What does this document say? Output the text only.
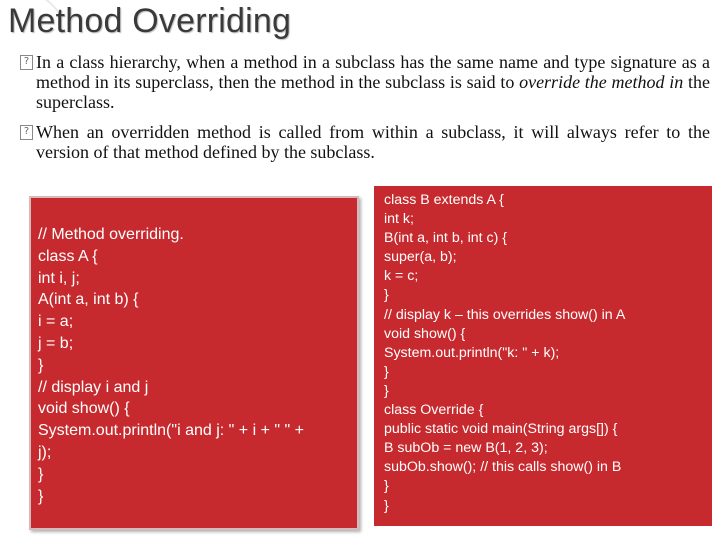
Method Overriding
? In a class hierarchy, when a method in a subclass has the same name and type signature as a method in its superclass, then the method in the subclass is said to override the method in the superclass.
? When an overridden method is called from within a subclass, it will always refer to the version of that method defined by the subclass.
// Method overriding.
class A {
int i, j;
A(int a, int b) {
i = a;
j = b;
}
// display i and j
void show() {
System.out.println("i and j: " + i + " " +
j);
}
}
class B extends A {
int k;
B(int a, int b, int c) {
super(a, b);
k = c;
}
// display k – this overrides show() in A
void show() {
System.out.println("k: " + k);
}
}
class Override {
public static void main(String args[]) {
B subOb = new B(1, 2, 3);
subOb.show(); // this calls show() in B
}
}
